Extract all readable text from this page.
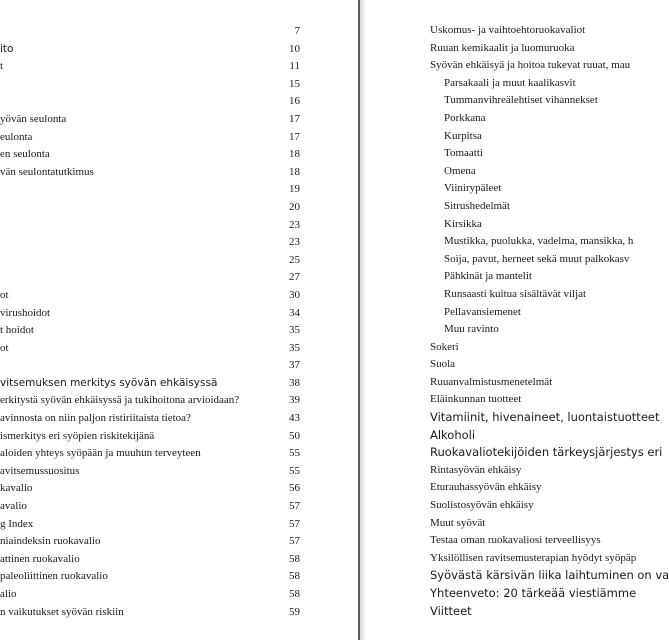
7
ito	10
t	11
15
16
yövän seulonta	17
eulonta	17
en seulonta	18
vän seulontatutkimus	18
19
20
23
23
25
27
ot	30
virushoidot	34
t hoidot	35
ot	35
37
vitsemuksen merkitys syövän ehkäisyssä	38
erkitystä syövän ehkäisyssä ja tukihoitona arvioidaan?	39
avinnosta on niin paljon ristiriitaista tietoa?	43
ismerkitys eri syöpien riskitekijänä	50
aloiden yhteys syöpään ja muuhun terveyteen	55
avitsemussuositus	55
kavalio	56
avalio	57
g Index	57
niaindeksin ruokavalio	57
attinen ruokavalio	58
paleoliittinen ruokavalio	58
alio	58
n vaikutukset syövän riskiin	59
Uskomus- ja vaihtoehtoruokavaliot
Ruuan kemikaalit ja luomuruoka
Syövän ehkäisyä ja hoitoa tukevat ruuat, mau
Parsakaali ja muut kaalikasvit
Tummanvihreälehtiset vihannekset
Porkkana
Kurpitsa
Tomaatti
Omena
Viinirypäleet
Sitrushedelmät
Kirsikka
Mustikka, puolukka, vadelma, mansikka, h
Soija, pavut, herneet sekä muut palkokasv
Pähkinät ja mantelit
Runsaasti kuitua sisältävät viljat
Pellavansiemenet
Muu ravinto
Sokeri
Suola
Ruuanvalmistusmenetelmät
Eläinkunnan tuotteet
Vitamiinit, hivenaineet, luontaistuotteet
Alkoholi
Ruokavaliotekijöiden tärkeysjärjestys eri
Rintasyövän ehkäisy
Eturauhassyövän ehkäisy
Suolistosyövän ehkäisy
Muut syövät
Testaa oman ruokavaliosi terveellisyys
Yksilöllisen ravitsemusterapian hyödyt syöpäp
Syövästä kärsivän liika laihtuminen on va
Yhteenveto: 20 tärkeää viestiämme
Viitteet
